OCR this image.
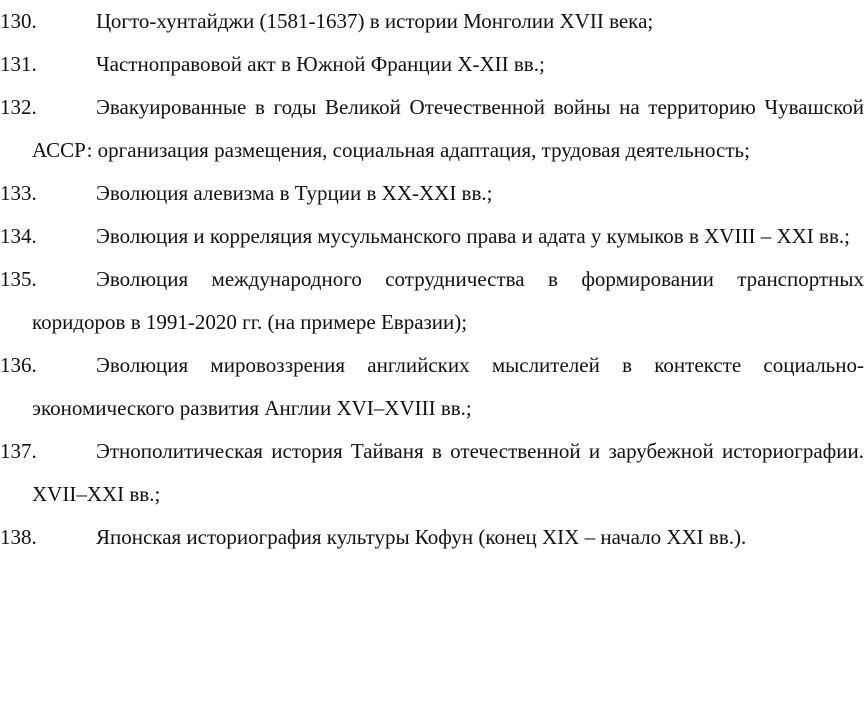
130.	Цогто-хунтайджи (1581-1637) в истории Монголии XVII века;
131.	Частноправовой акт в Южной Франции X-XII вв.;
132.	Эвакуированные в годы Великой Отечественной войны на территорию Чувашской АССР: организация размещения, социальная адаптация, трудовая деятельность;
133.	Эволюция алевизма в Турции в XX-XXI вв.;
134.	Эволюция и корреляция мусульманского права и адата у кумыков в XVIII – XXI вв.;
135.	Эволюция международного сотрудничества в формировании транспортных коридоров в 1991-2020 гг. (на примере Евразии);
136.	Эволюция мировоззрения английских мыслителей в контексте социально-экономического развития Англии XVI–XVIII вв.;
137.	Этнополитическая история Тайваня в отечественной и зарубежной историографии. XVII–XXI вв.;
138.	Японская историография культуры Кофун (конец XIX – начало XXI вв.).
